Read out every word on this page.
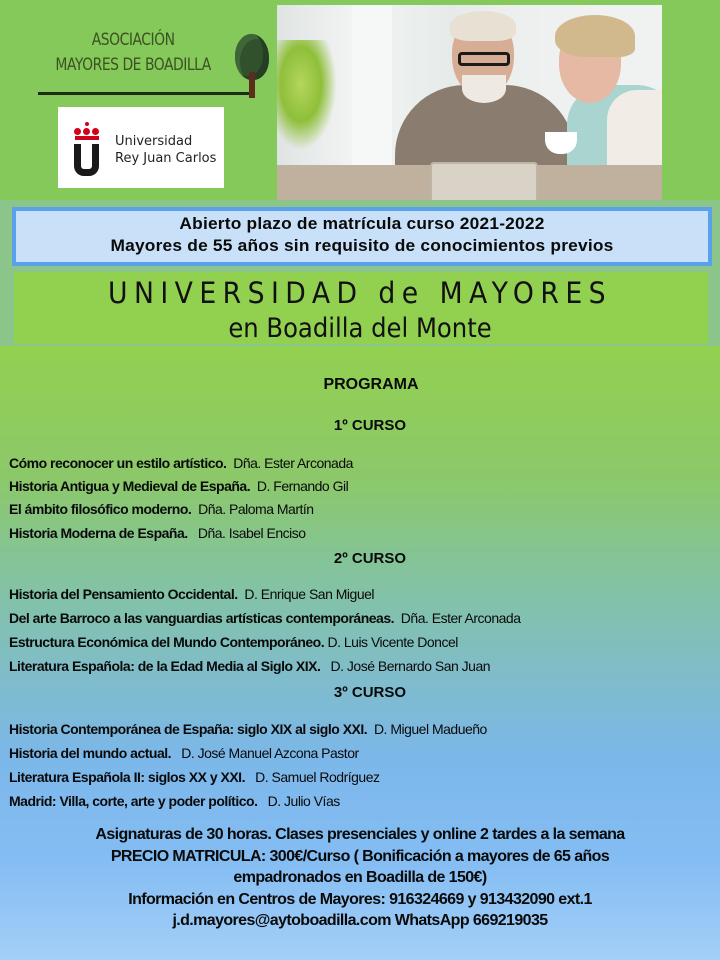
ASOCIACIÓN
MAYORES DE BOADILLA
Universidad
Rey Juan Carlos
Abierto plazo de matrícula curso 2021-2022
Mayores de 55 años sin requisito de conocimientos previos
UNIVERSIDAD de MAYORES
en Boadilla del Monte
PROGRAMA
1º CURSO
Cómo reconocer un estilo artístico. Dña. Ester Arconada
Historia Antigua y Medieval de España. D. Fernando Gil
El ámbito filosófico moderno. Dña. Paloma Martín
Historia Moderna de España. Dña. Isabel Enciso
2º CURSO
Historia del Pensamiento Occidental. D. Enrique San Miguel
Del arte Barroco a las vanguardias artísticas contemporáneas. Dña. Ester Arconada
Estructura Económica del Mundo Contemporáneo. D. Luis Vicente Doncel
Literatura Española: de la Edad Media al Siglo XIX. D. José Bernardo San Juan
3º CURSO
Historia Contemporánea de España: siglo XIX al siglo XXI. D. Miguel Madueño
Historia del mundo actual. D. José Manuel Azcona Pastor
Literatura Española II: siglos XX y XXI. D. Samuel Rodríguez
Madrid: Villa, corte, arte y poder político. D. Julio Vías
Asignaturas de 30 horas. Clases presenciales y online 2 tardes a la semana
PRECIO MATRICULA: 300€/Curso ( Bonificación a mayores de 65 años
empadronados en Boadilla de 150€)
Información en Centros de Mayores: 916324669 y 913432090 ext.1
j.d.mayores@aytoboadilla.com WhatsApp 669219035
